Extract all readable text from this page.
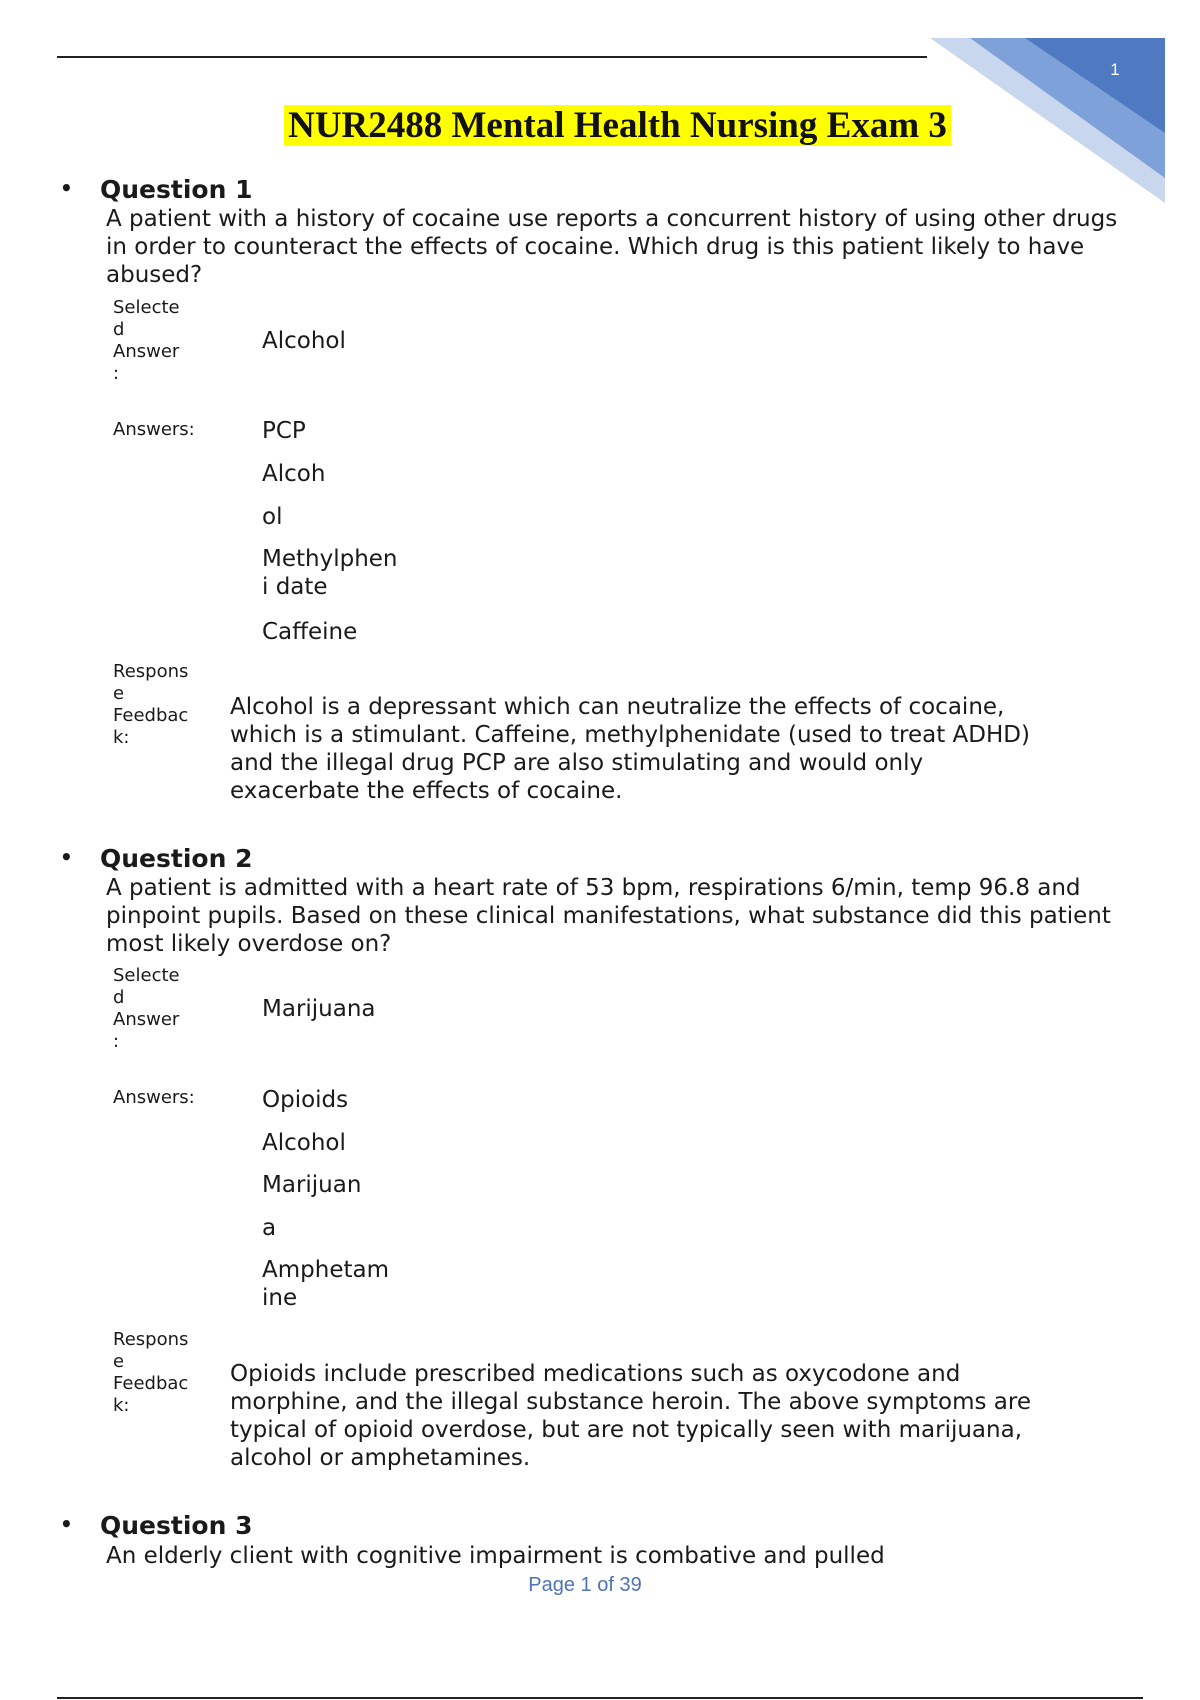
1
NUR2488 Mental Health Nursing Exam 3
• Question 1
A patient with a history of cocaine use reports a concurrent history of using other drugs in order to counteract the effects of cocaine. Which drug is this patient likely to have abused?
Selecte
d
Answer
:
Alcohol
Answers:	PCP
Alcoh
ol
Methylphen
i date
Caffeine
Respons
e
Feedbac
k:
Alcohol is a depressant which can neutralize the effects of cocaine, which is a stimulant. Caffeine, methylphenidate (used to treat ADHD) and the illegal drug PCP are also stimulating and would only exacerbate the effects of cocaine.
• Question 2
A patient is admitted with a heart rate of 53 bpm, respirations 6/min, temp 96.8 and pinpoint pupils. Based on these clinical manifestations, what substance did this patient most likely overdose on?
Selecte
d
Answer
:
Marijuana
Answers:	Opioids
Alcohol
Marijuan
a
Amphetam
ine
Respons
e
Feedbac
k:
Opioids include prescribed medications such as oxycodone and morphine, and the illegal substance heroin. The above symptoms are typical of opioid overdose, but are not typically seen with marijuana, alcohol or amphetamines.
• Question 3
An elderly client with cognitive impairment is combative and pulled
Page 1 of 39
